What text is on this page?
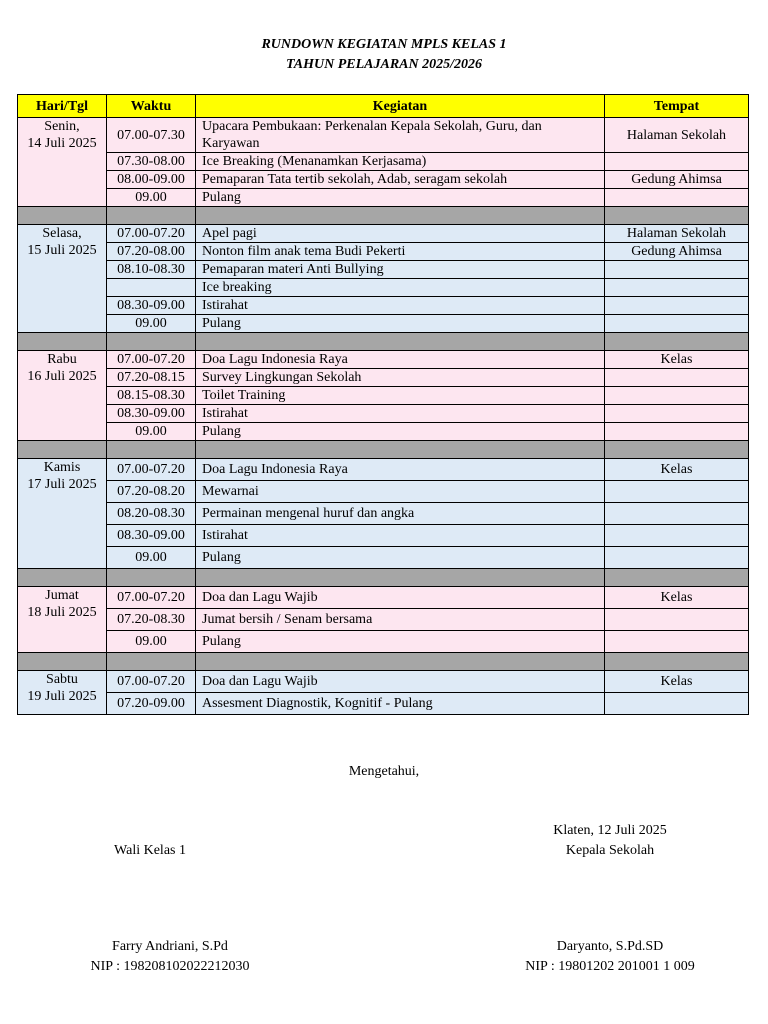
RUNDOWN KEGIATAN MPLS KELAS 1
TAHUN PELAJARAN 2025/2026
Hari/Tgl	Waktu	Kegiatan	Tempat

Senin,
14 Juli 2025	07.00-07.30	Upacara Pembukaan: Perkenalan Kepala Sekolah, Guru, dan Karyawan	Halaman Sekolah
	07.30-08.00	Ice Breaking (Menanamkan Kerjasama)	
	08.00-09.00	Pemaparan Tata tertib sekolah, Adab, seragam sekolah	Gedung Ahimsa
	09.00	Pulang	

Selasa,
15 Juli 2025	07.00-07.20	Apel pagi	Halaman Sekolah
	07.20-08.00	Nonton film anak tema Budi Pekerti	Gedung Ahimsa
	08.10-08.30	Pemaparan materi Anti Bullying	
		Ice breaking	
	08.30-09.00	Istirahat	
	09.00	Pulang	

Rabu
16 Juli 2025	07.00-07.20	Doa Lagu Indonesia Raya	Kelas
	07.20-08.15	Survey Lingkungan Sekolah	
	08.15-08.30	Toilet Training	
	08.30-09.00	Istirahat	
	09.00	Pulang	

Kamis
17 Juli 2025	07.00-07.20	Doa Lagu Indonesia Raya	Kelas
	07.20-08.20	Mewarnai	
	08.20-08.30	Permainan mengenal huruf dan angka	
	08.30-09.00	Istirahat	
	09.00	Pulang	

Jumat
18 Juli 2025	07.00-07.20	Doa dan Lagu Wajib	Kelas
	07.20-08.30	Jumat bersih / Senam bersama	
	09.00	Pulang	

Sabtu
19 Juli 2025	07.00-07.20	Doa dan Lagu Wajib	Kelas
	07.20-09.00	Assesment Diagnostik, Kognitif - Pulang	
Mengetahui,
Klaten, 12 Juli 2025
Wali Kelas 1	Kepala Sekolah
Farry Andriani, S.Pd
NIP : 198208102022212030
Daryanto, S.Pd.SD
NIP : 19801202 201001 1 009
